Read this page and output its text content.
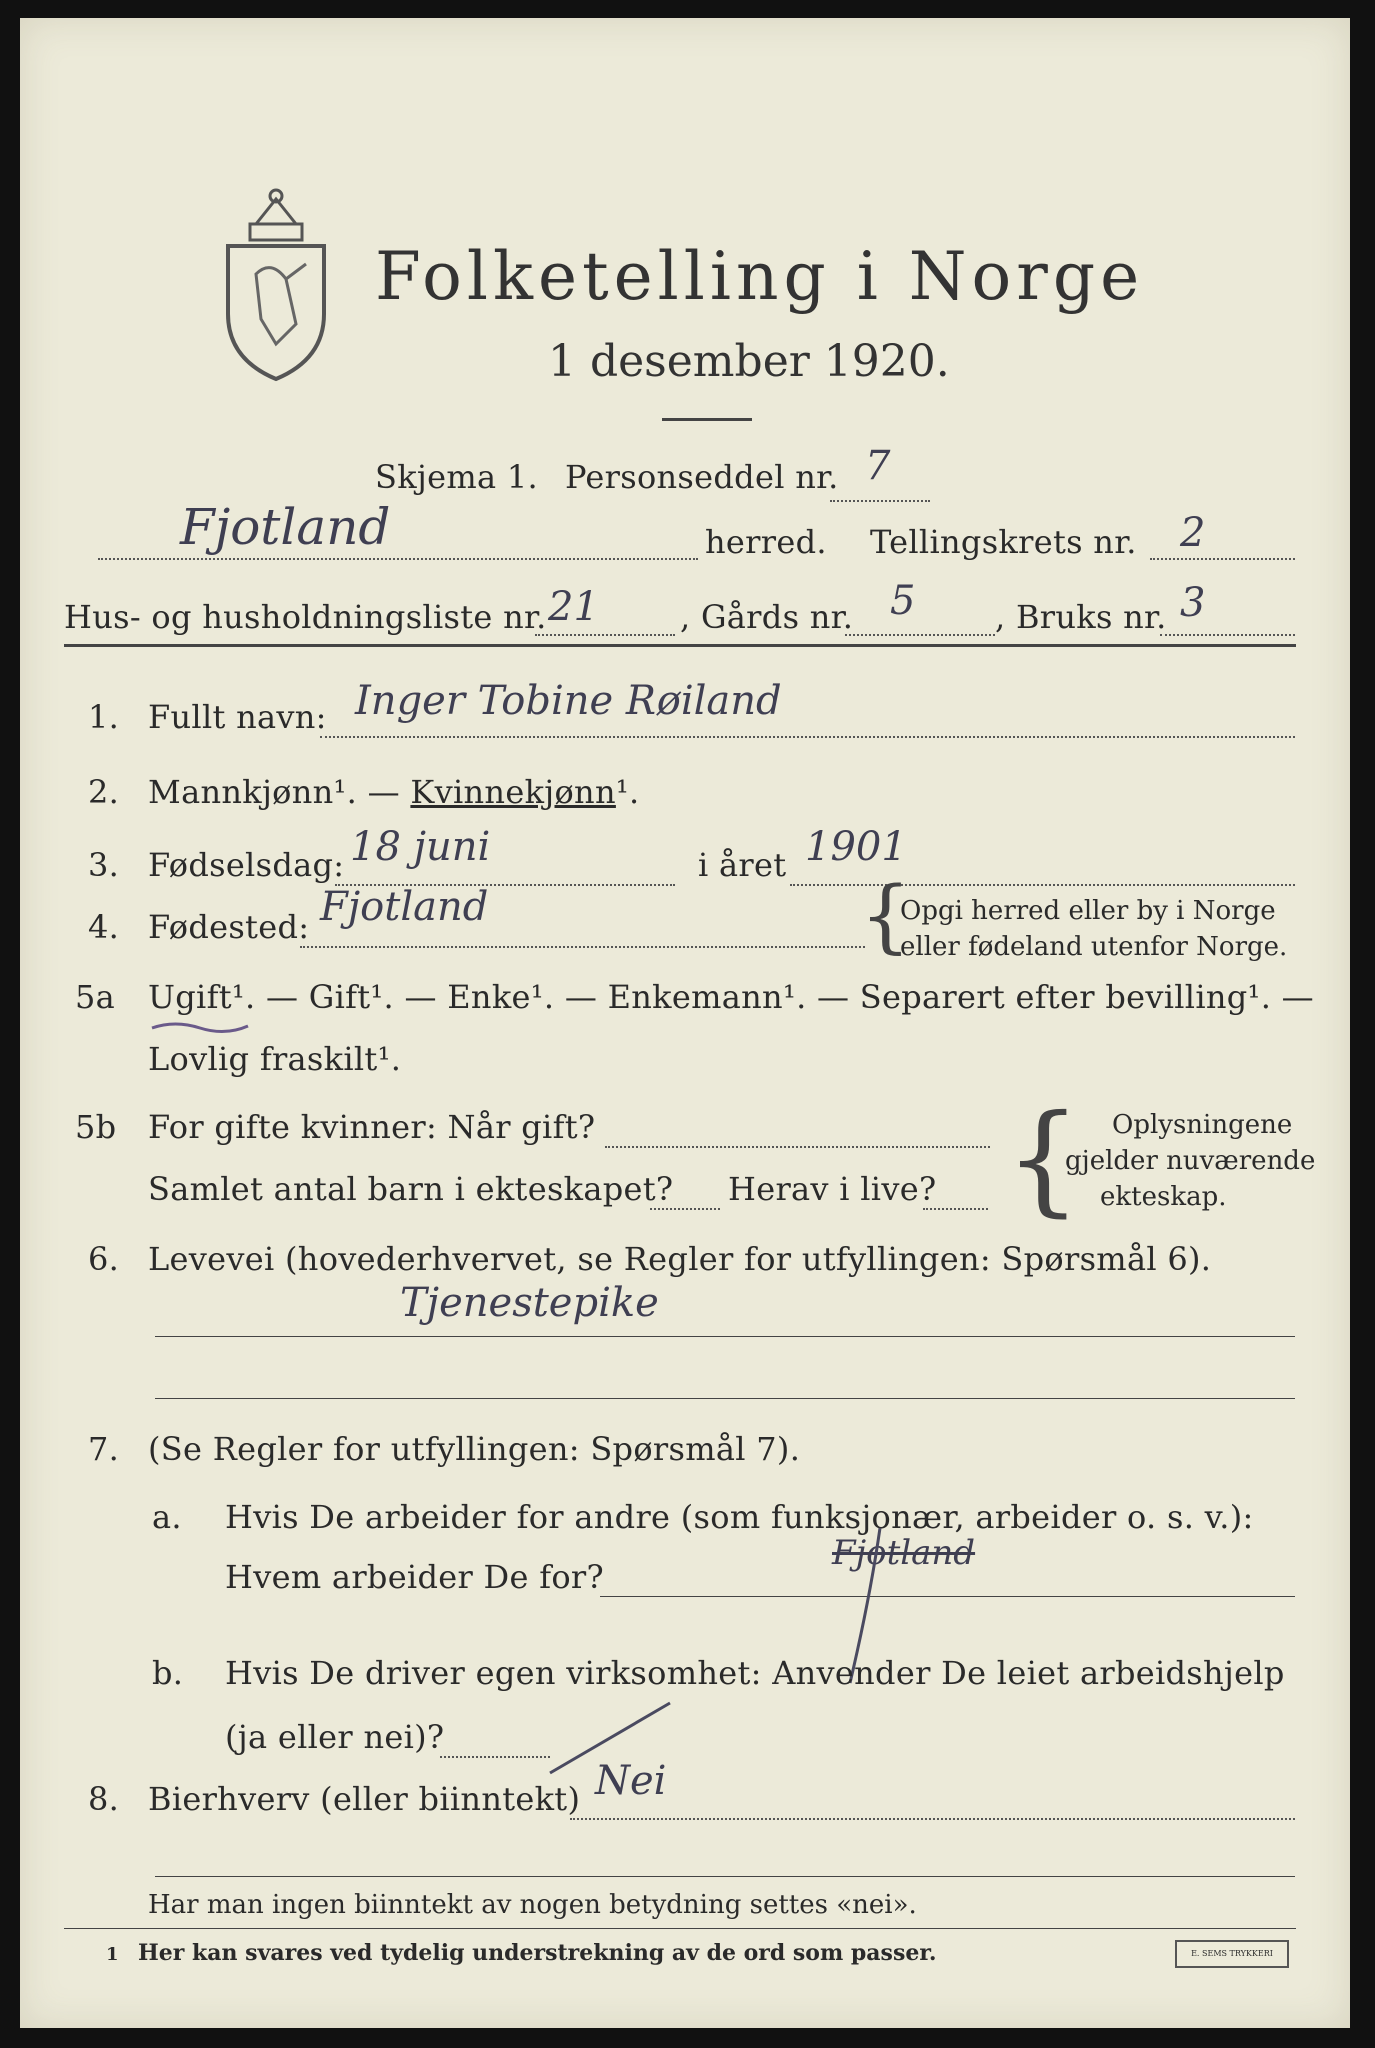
Folketelling i Norge
1 desember 1920.
Skjema 1. Personseddel nr. 7
Fjotland	herred. Tellingskrets nr. 2
Hus- og husholdningsliste nr. 21	, Gårds nr. 5 , Bruks nr. 3
1. Fullt navn: Inger Tobine Røiland
2. Mannkjønn¹. — Kvinnekjønn¹.
3. Fødselsdag: 18 juni	i året 1901
4. Fødested: Fjotland	{
Opgi herred eller by i Norge
eller fødeland utenfor Norge.
5a Ugift¹. — Gift¹. — Enke¹. — Enkemann¹. — Separert efter bevilling¹. —
Lovlig fraskilt¹.
5b For gifte kvinner: Når gift?
Samlet antal barn i ekteskapet? Herav i live? { Oplysningene
gjelder nuværende
ekteskap.
6. Levevei (hovederhvervet, se Regler for utfyllingen: Spørsmål 6).
Tjenestepike
7. (Se Regler for utfyllingen: Spørsmål 7).
a. Hvis De arbeider for andre (som funksjonær, arbeider o. s. v.):
Hvem arbeider De for?
Fjotland
b. Hvis De driver egen virksomhet: Anvender De leiet arbeidshjelp
(ja eller nei)?
8. Bierhverv (eller biinntekt) Nei
Har man ingen biinntekt av nogen betydning settes «nei».
1 Her kan svares ved tydelig understrekning av de ord som passer.	E. SEMS TRYKKERI
